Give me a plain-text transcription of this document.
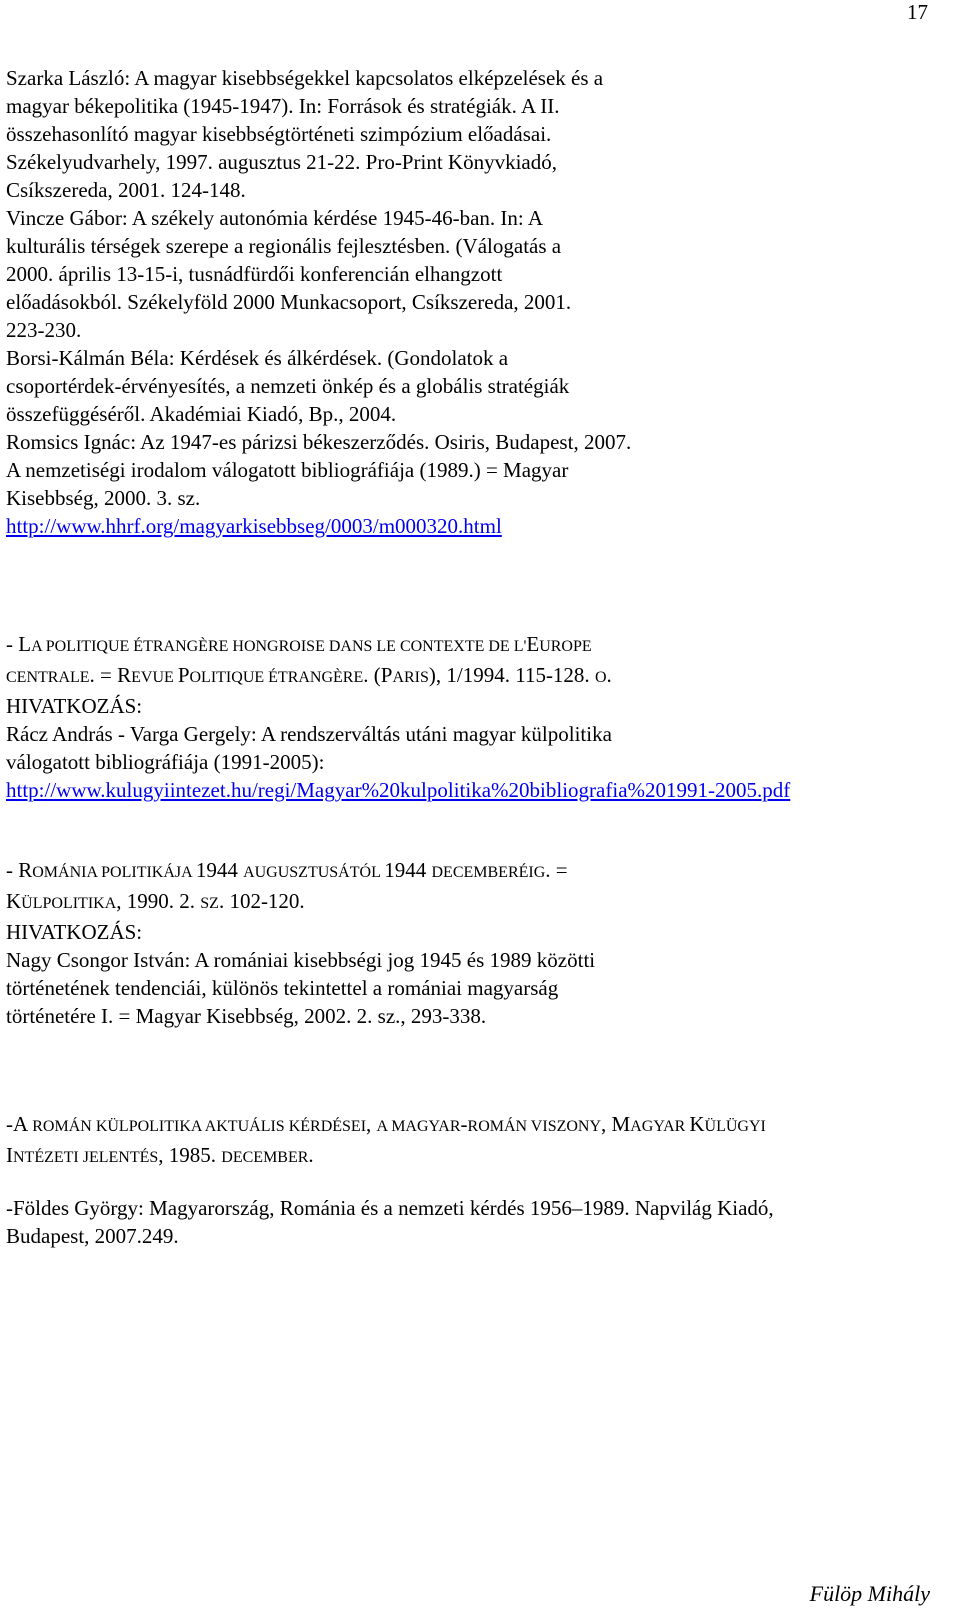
17
Szarka László: A magyar kisebbségekkel kapcsolatos elképzelések és a
magyar békepolitika (1945-1947). In: Források és stratégiák. A II.
összehasonlító magyar kisebbségtörténeti szimpózium előadásai.
Székelyudvarhely, 1997. augusztus 21-22. Pro-Print Könyvkiadó,
Csíkszereda, 2001. 124-148.
Vincze Gábor: A székely autonómia kérdése 1945-46-ban. In: A
kulturális térségek szerepe a regionális fejlesztésben. (Válogatás a
2000. április 13-15-i, tusnádfürdői konferencián elhangzott
előadásokból. Székelyföld 2000 Munkacsoport, Csíkszereda, 2001.
223-230.
Borsi-Kálmán Béla: Kérdések és álkérdések. (Gondolatok a
csoportérdek-érvényesítés, a nemzeti önkép és a globális stratégiák
összefüggéséről. Akadémiai Kiadó, Bp., 2004.
Romsics Ignác: Az 1947-es párizsi békeszerződés. Osiris, Budapest, 2007.
A nemzetiségi irodalom válogatott bibliográfiája (1989.) = Magyar
Kisebbség, 2000. 3. sz.
http://www.hhrf.org/magyarkisebbseg/0003/m000320.html
- LA POLITIQUE ÉTRANGÈRE HONGROISE DANS LE CONTEXTE DE L'EUROPE
CENTRALE. = REVUE POLITIQUE ÉTRANGÈRE. (PARIS), 1/1994. 115-128. O.
HIVATKOZÁS:
Rácz András - Varga Gergely: A rendszerváltás utáni magyar külpolitika
válogatott bibliográfiája (1991-2005):
http://www.kulugyiintezet.hu/regi/Magyar%20kulpolitika%20bibliografia%201991-2005.pdf
- ROMÁNIA POLITIKÁJA 1944 AUGUSZTUSÁTÓL 1944 DECEMBERÉIG. =
KÜLPOLITIKA, 1990. 2. SZ. 102-120.
HIVATKOZÁS:
Nagy Csongor István: A romániai kisebbségi jog 1945 és 1989 közötti
történetének tendenciái, különös tekintettel a romániai magyarság
történetére I. = Magyar Kisebbség, 2002. 2. sz., 293-338.
-A ROMÁN KÜLPOLITIKA AKTUÁLIS KÉRDÉSEI, A MAGYAR-ROMÁN VISZONY, MAGYAR KÜLÜGYI
INTÉZETI JELENTÉS, 1985. DECEMBER.
-Földes György: Magyarország, Románia és a nemzeti kérdés 1956–1989. Napvilág Kiadó,
Budapest, 2007.249.
Fülöp Mihály
